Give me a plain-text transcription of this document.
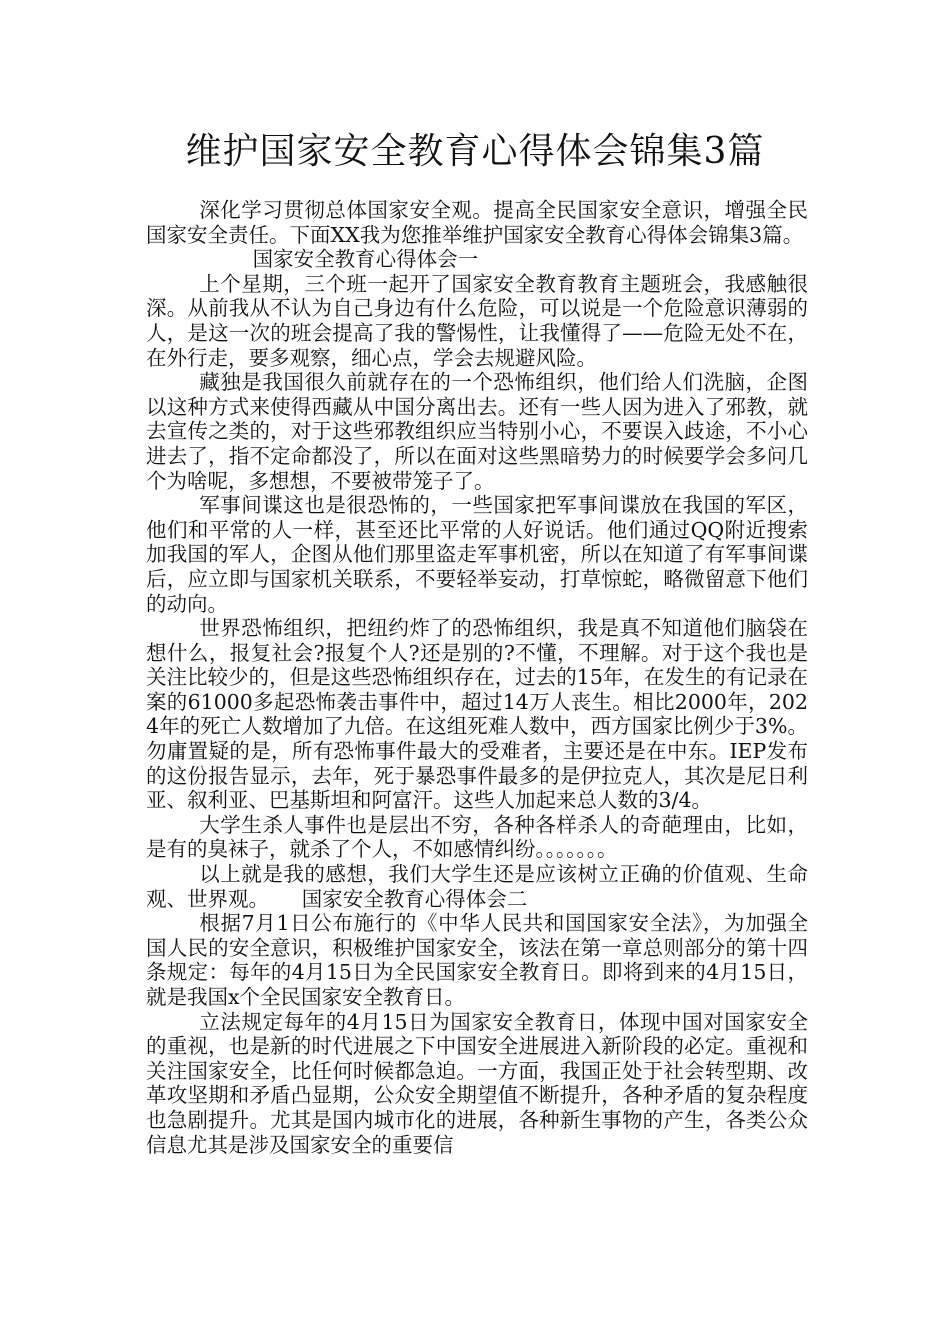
维护国家安全教育心得体会锦集3篇

深化学习贯彻总体国家安全观。提高全民国家安全意识，增强全民国家安全责任。下面XX我为您推举维护国家安全教育心得体会锦集3篇。

国家安全教育心得体会一

上个星期，三个班一起开了国家安全教育教育主题班会，我感触很深。从前我从不认为自己身边有什么危险，可以说是一个危险意识薄弱的人，是这一次的班会提高了我的警惕性，让我懂得了——危险无处不在，在外行走，要多观察，细心点，学会去规避风险。

藏独是我国很久前就存在的一个恐怖组织，他们给人们洗脑，企图以这种方式来使得西藏从中国分离出去。还有一些人因为进入了邪教，就去宣传之类的，对于这些邪教组织应当特别小心，不要误入歧途，不小心进去了，指不定命都没了，所以在面对这些黑暗势力的时候要学会多问几个为啥呢，多想想，不要被带笼子了。

军事间谍这也是很恐怖的，一些国家把军事间谍放在我国的军区，他们和平常的人一样，甚至还比平常的人好说话。他们通过QQ附近搜索加我国的军人，企图从他们那里盗走军事机密，所以在知道了有军事间谍后，应立即与国家机关联系，不要轻举妄动，打草惊蛇，略微留意下他们的动向。

世界恐怖组织，把纽约炸了的恐怖组织，我是真不知道他们脑袋在想什么，报复社会?报复个人?还是别的?不懂，不理解。对于这个我也是关注比较少的，但是这些恐怖组织存在，过去的15年，在发生的有记录在案的61000多起恐怖袭击事件中，超过14万人丧生。相比2000年，2024年的死亡人数增加了九倍。在这组死难人数中，西方国家比例少于3%。勿庸置疑的是，所有恐怖事件最大的受难者，主要还是在中东。IEP发布的这份报告显示，去年，死于暴恐事件最多的是伊拉克人，其次是尼日利亚、叙利亚、巴基斯坦和阿富汗。这些人加起来总人数的3/4。

大学生杀人事件也是层出不穷，各种各样杀人的奇葩理由，比如，是有的臭袜子，就杀了个人，不如感情纠纷。。。。。。。

以上就是我的感想，我们大学生还是应该树立正确的价值观、生命观、世界观。 国家安全教育心得体会二

根据7月1日公布施行的《中华人民共和国国家安全法》，为加强全国人民的安全意识，积极维护国家安全，该法在第一章总则部分的第十四条规定：每年的4月15日为全民国家安全教育日。即将到来的4月15日，就是我国x个全民国家安全教育日。

立法规定每年的4月15日为国家安全教育日，体现中国对国家安全的重视，也是新的时代进展之下中国安全进展进入新阶段的必定。重视和关注国家安全，比任何时候都急迫。一方面，我国正处于社会转型期、改革攻坚期和矛盾凸显期，公众安全期望值不断提升，各种矛盾的复杂程度也急剧提升。尤其是国内城市化的进展，各种新生事物的产生，各类公众信息尤其是涉及国家安全的重要信
